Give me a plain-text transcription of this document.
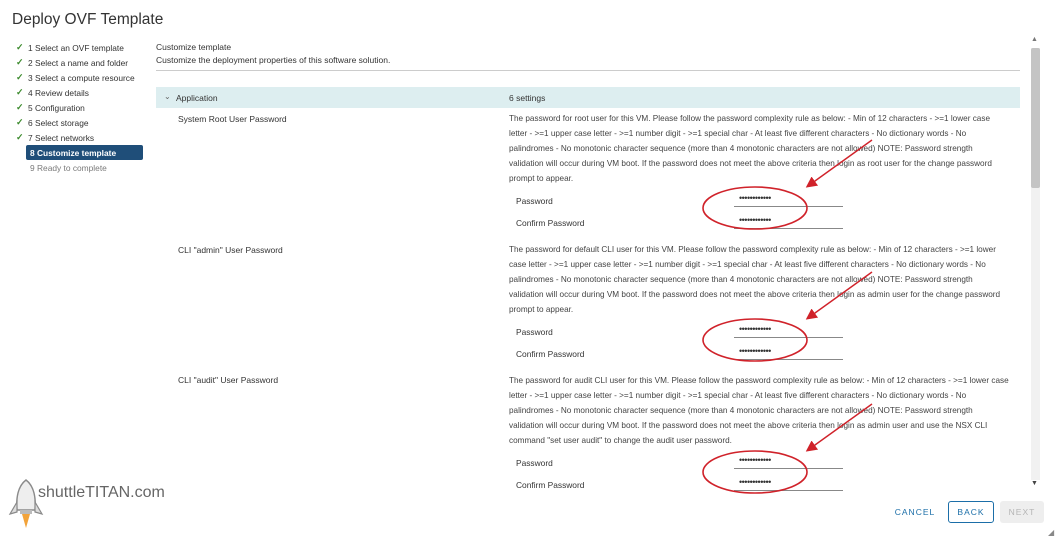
Deploy OVF Template
✓ 1 Select an OVF template
✓ 2 Select a name and folder
✓ 3 Select a compute resource
✓ 4 Review details
✓ 5 Configuration
✓ 6 Select storage
✓ 7 Select networks
8 Customize template
9 Ready to complete
Customize template
Customize the deployment properties of this software solution.
⌄ Application	6 settings
System Root User Password	The password for root user for this VM. Please follow the password complexity rule as below: - Min of 12 characters - >=1 lower case letter - >=1 upper case letter - >=1 number digit - >=1 special char - At least five different characters - No dictionary words - No palindromes - No monotonic character sequence (more than 4 monotonic characters are not allowed) NOTE: Password strength validation will occur during VM boot. If the password does not meet the above criteria then login as root user for the change password prompt to appear.
Password	••••••••••••
Confirm Password	••••••••••••
CLI "admin" User Password	The password for default CLI user for this VM. Please follow the password complexity rule as below: - Min of 12 characters - >=1 lower case letter - >=1 upper case letter - >=1 number digit - >=1 special char - At least five different characters - No dictionary words - No palindromes - No monotonic character sequence (more than 4 monotonic characters are not allowed) NOTE: Password strength validation will occur during VM boot. If the password does not meet the above criteria then login as admin user for the change password prompt to appear.
Password	••••••••••••
Confirm Password	••••••••••••
CLI "audit" User Password	The password for audit CLI user for this VM. Please follow the password complexity rule as below: - Min of 12 characters - >=1 lower case letter - >=1 upper case letter - >=1 number digit - >=1 special char - At least five different characters - No dictionary words - No palindromes - No monotonic character sequence (more than 4 monotonic characters are not allowed) NOTE: Password strength validation will occur during VM boot. If the password does not meet the above criteria then login as admin user and use the NSX CLI command "set user audit" to change the audit user password.
Password	••••••••••••
Confirm Password	••••••••••••
▲
▼
CANCEL	BACK	NEXT
shuttleTITAN.com
◢
